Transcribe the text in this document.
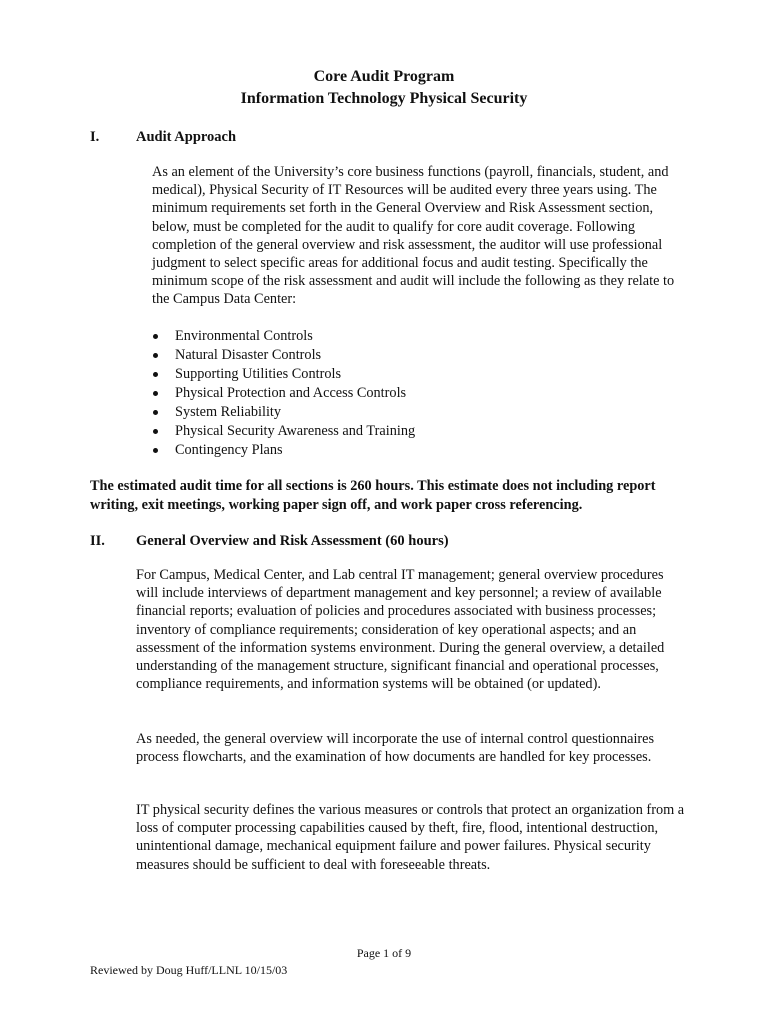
Core Audit Program
Information Technology Physical Security
I.	Audit Approach

As an element of the University’s core business functions (payroll, financials, student, and medical), Physical Security of IT Resources will be audited every three years using. The minimum requirements set forth in the General Overview and Risk Assessment section, below, must be completed for the audit to qualify for core audit coverage. Following completion of the general overview and risk assessment, the auditor will use professional judgment to select specific areas for additional focus and audit testing. Specifically the minimum scope of the risk assessment and audit will include the following as they relate to the Campus Data Center:

Environmental Controls
Natural Disaster Controls
Supporting Utilities Controls
Physical Protection and Access Controls
System Reliability
Physical Security Awareness and Training
Contingency Plans

The estimated audit time for all sections is 260 hours. This estimate does not including report writing, exit meetings, working paper sign off, and work paper cross referencing.

II. General Overview and Risk Assessment (60 hours)

For Campus, Medical Center, and Lab central IT management; general overview procedures will include interviews of department management and key personnel; a review of available financial reports; evaluation of policies and procedures associated with business processes; inventory of compliance requirements; consideration of key operational aspects; and an assessment of the information systems environment. During the general overview, a detailed understanding of the management structure, significant financial and operational processes, compliance requirements, and information systems will be obtained (or updated).

As needed, the general overview will incorporate the use of internal control questionnaires process flowcharts, and the examination of how documents are handled for key processes.

IT physical security defines the various measures or controls that protect an organization from a loss of computer processing capabilities caused by theft, fire, flood, intentional destruction, unintentional damage, mechanical equipment failure and power failures. Physical security measures should be sufficient to deal with foreseeable threats.

Page 1 of 9
Reviewed by Doug Huff/LLNL 10/15/03
